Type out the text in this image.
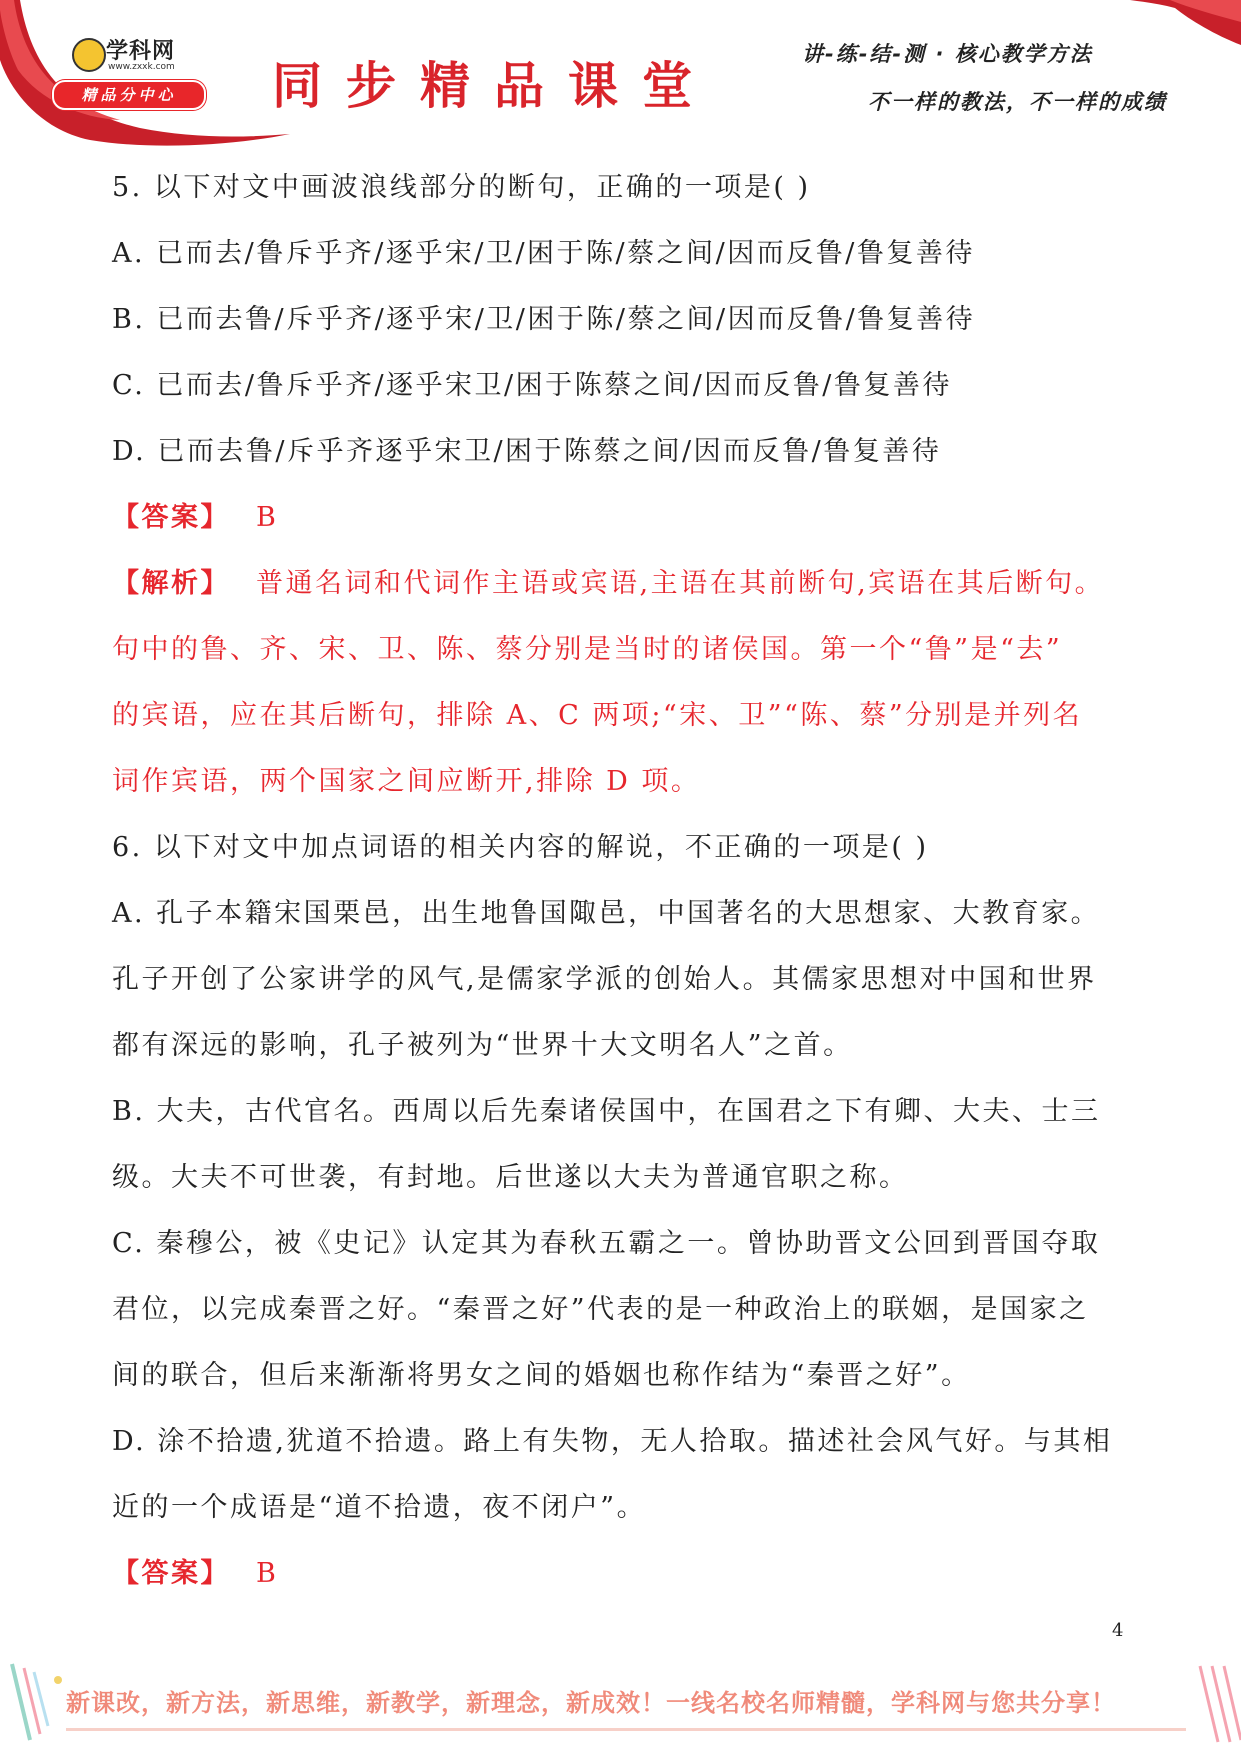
学科网
www.zxxk.com
精品分中心	同步精品课堂
讲-练-结-测 · 核心教学方法
不一样的教法，不一样的成绩
5. 以下对文中画波浪线部分的断句，正确的一项是( )
A. 已而去/鲁斥乎齐/逐乎宋/卫/困于陈/蔡之间/因而反鲁/鲁复善待
B. 已而去鲁/斥乎齐/逐乎宋/卫/困于陈/蔡之间/因而反鲁/鲁复善待
C. 已而去/鲁斥乎齐/逐乎宋卫/困于陈蔡之间/因而反鲁/鲁复善待
D. 已而去鲁/斥乎齐逐乎宋卫/困于陈蔡之间/因而反鲁/鲁复善待
【答案】 B
【解析】 普通名词和代词作主语或宾语,主语在其前断句,宾语在其后断句。
句中的鲁、齐、宋、卫、陈、蔡分别是当时的诸侯国。第一个“鲁”是“去”
的宾语，应在其后断句，排除 A、C 两项;“宋、卫”“陈、蔡”分别是并列名
词作宾语，两个国家之间应断开,排除 D 项。
6. 以下对文中加点词语的相关内容的解说，不正确的一项是( )
A. 孔子本籍宋国栗邑，出生地鲁国陬邑，中国著名的大思想家、大教育家。
孔子开创了公家讲学的风气,是儒家学派的创始人。其儒家思想对中国和世界
都有深远的影响，孔子被列为“世界十大文明名人”之首。
B. 大夫，古代官名。西周以后先秦诸侯国中，在国君之下有卿、大夫、士三
级。大夫不可世袭，有封地。后世遂以大夫为普通官职之称。
C. 秦穆公，被《史记》认定其为春秋五霸之一。曾协助晋文公回到晋国夺取
君位，以完成秦晋之好。“秦晋之好”代表的是一种政治上的联姻，是国家之
间的联合，但后来渐渐将男女之间的婚姻也称作结为“秦晋之好”。
D. 涂不拾遗,犹道不拾遗。路上有失物，无人拾取。描述社会风气好。与其相
近的一个成语是“道不拾遗，夜不闭户”。
【答案】 B
4
新课改，新方法，新思维，新教学，新理念，新成效！一线名校名师精髓，学科网与您共分享！
